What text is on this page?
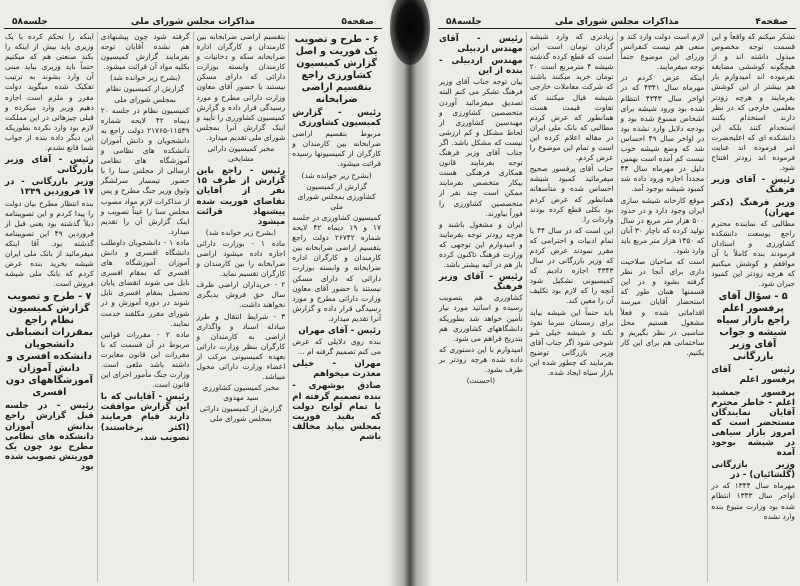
صفحه۵
مذاکرات مجلس شورای ملی
جلسه۵۸

۶ - طرح و تصویب یک فوریت و اصل گزارش کمیسیون کشاورزی راجع بتقسیم اراضی ضرابخانه

رئیس - گزارش کمیسیون کشاورزی

مربوط بتقسیم اراضی ضرابخانه بین کارمندان و کارگران از کمیسیونها رسیده قرائت میشود.

(بشرح زیر خوانده شد)

گزارش از کمیسیون کشاورزی بمجلس شورای ملی

کمیسیون کشاورزی در جلسه ۱۷ و ۱۹ دیماه ۴۲ لایحه شماره ۲۶۷۴۲ دولت راجع بتقسیم اراضی ضرابخانه بین کارمندان و کارگران اداره ضرابخانه و وابسته بوزارت دارائی که دارای مسکن نیستند با حضور آقای معاون وزارت دارائی مطرح و مورد رسیدگی قرار داده و گزارش آنرا تقدیم میدارد.

رئیس - آقای مهران

بنده روی دلایلی که عرض می کنم تصمیم گرفته ام ...

مهران - خیلی معذرت میخواهم

صادق بوشهری - بنده تصمیم گرفته ام با تمام لوایح دولت که بقید فوریت بمجلس بیاید مخالف باشم

بتقسیم اراضی ضرابخانه بین کارمندان و کارگران اداره ضرابخانه سکه و دخانیات و کارمندان وابسته بوزارت دارائی که دارای مسکن نیستند با حضور آقای معاون وزارت دارائی مطرح و مورد رسیدگی قرار داده و گزارش کمیسیون کشاورزی را تأیید و اینک گزارش آنرا بمجلس شورای ملی تقدیم میدارد.

مخبر کمیسیون دارائی مشایخی

رئیس - راجع باین گزارش از طرف ۱۵ نفر از آقایان تقاضای فوریت شده پیشنهاد قرائت میشود

(بشرح زیر خوانده شد)

ماده ۱ - بوزارت دارائی اجازه داده میشود اراضی ضرابخانه را بین کارمندان و کارگران تقسیم نماید.

۲ - خریداران اراضی ظرف سال حق فروش بدیگری نخواهند داشت.

۳ - شرایط انتقال و طرز مبادله اسناد و واگذاری اراضی به کارمندان و کارگران بنظر وزارت دارائی بعهده کمیسیونی مرکب از اعضاء وزارت دارائی محول میباشد.

مخبر کمیسیون کشاورزی سید مهدوی

گزارش از کمیسیون دارائی بمجلس شورای ملی

گرفته شود چون پیشنهادی هم نشده آقایان توجه بفرمایند گزارش کمیسیون بکلیه مواد آن قرائت میشود.

(بشرح زیر خوانده شد)

گزارش از کمیسیون نظام بمجلس شورای ملی

کمیسیون نظام در جلسه ۲۰ دیماه ۴۲ لایحه شماره ۱۱۵۳۹-۲۱۷۶۵ دولت راجع به دانشجویان و دانش آموزان دانشکده های نظامی و آموزشگاه های نظامی ارسالی از مجلس سنا را با حضور تیمسار سرلشگر وثوق وزیر جنگ مطرح و پس از مذاکرات لازم مواد مصوب مجلس سنا را عیناً تصویب و اینک گزارش آن را تقدیم میدارد.

ماده ۱ - دانشجویان داوطلب دانشگاه افسری و دانش آموزان آموزشگاه های افسری که بمقام افسری نایل می شوند انقضای پایان تحصیل بمقام افسری نایل شوند در دوره آموزش و در شورای مقرر مکلفند خدمت نمایند.

ماده ۲ - مقررات قوانین مربوط در آن قسمت که با مقررات این قانون مغایرت داشته باشد ملغی است. وزارت جنگ مأمور اجرای این قانون است.

رئیس - آقایانی که با این گزارش موافقت دارند قیام فرمایند (اکثر برخاستند) تصویب شد.

اینکه را تحکم کرده با یک وزیری باید بیش از اینکه را بکند صنعتی هم که میکنیم حتماً باید وزیری بیاید مبنی آن وارد بشوند به ترتیب تفکیک شده میگوید دولت مقرر و ملزم است اجازه دهیم وزیر وارد میکرده و قبلی چیزهائی در این مملکت لازم بود وارد نکرده بطوریکه این دیگر داده بنده از جواب شما قانع نشدم.

رئیس - آقای وزیر بازرگانی

وزیر بازرگانی - در ۱۷ فروردین ۱۳۴۹

بنده انتظار مطرح بیان دولت را پیدا کردم و این تصویبنامه ذیلاً گذشته بود یعنی قبل از فروردین ۴۹ این تصویبنامه گذشته بود. آقا اینکه میفرمائید از بانک ملی ایران شیشه بخرید بنده عرض کردم که بانک ملی شیشه فروش است.

۷ - طرح و تصویب گزارش کمیسیون نظام راجع بمقررات انضباطی دانشجویان دانشکده افسری و دانش آموزان آموزشگاههای دون افسری

رئیس - در جلسه قبل گزارش راجع بدانش آموزان دانشکده های نظامی مطرح بود چون یک فوریتش تصویب شده بود

صفحه۴
مذاکرات مجلس شورای ملی
جلسه۵۸

تشکر میکنم که واقعاً و این قسمت توجه مخصوص مبذول داشته اند و از هیچگونه کوششی مضایقه نفرموده اند امیدوارم باز هم بیشتر از این کوشش بفرمایند و هرچه زودتر معلمین خارجی که در نظر دارند استخدام بکنند استخدام کنند بلکه این دانشکده ای که اعلیحضرت امر فرموده اند عنایت فرموده اند زودتر افتتاح شود.

رئیس - آقای وزیر فرهنگ

وزیر فرهنگ (دکتر مهران)

مطالبی که نماینده محترم راجع بوسعت دانشکده کشاورزی و استادان فرمودند بنده کاملاً با آن موافقم و کوشش میکنیم که هرچه زودتر این کمبود جبران شود.

۵ - سؤال آقای پرفسور اعلم راجع بازار سیاه شیشه و جواب آقای وزیر بازرگانی

رئیس - آقای پرفسور اعلم

پرفسور جمشید اعلم - خاطر محترم آقایان نمایندگان مستحضر است که امروز بازار سیاهی در شیشه بوجود آمده

وزیر بازرگانی (گلشائیان) - در

مهرماه سال ۱۳۴۴ که در اواخر سال ۱۳۴۳ انتظام شده بود وزارت متبوع بنده وارد نشده

لازم است دولت وارد کند و منعی هم نیست کنفرانس وزرای این موضوع حتماً توجه میفرمایند.

اینکه عرض کردم در مهرماه سال ۴۳۴۱ که در اواخر سال ۴۳۴۳ انتظام شده بود ورود شیشه برای اشخاص ممنوع شده بود و بودجه دلایل وارد نشده بود در اواخر سال ۴۹ احساس شد که وضع شیشه خوب نیست کم آمده است بهمین دلیل در مهرماه سال ۴۴ مجدداً اجازه ورود داده شد کمبود شیشه بوجود آمد.

موقع کارخانه شیشه سازی ایران وجود دارد و در حدود ۵۰۰ هزار متر مربع در سال تولید کرده که ناچار ۳۰ آبان که ۱۴۵۰ هزار متر مربع باید وارد شود.

است که صاحبان صلاحیت داری برای آنجا در نظر گرفته بشود و در این قسمتها همان طور که استحضار آقایان میرسد اقداماتی شده و فعلاً مشغول هستیم محل مناسبی در نظر بگیریم و ساختمانی هم برای این کار بکنیم.

زیادتری که وارد شیشه گردان تومان است این است که قطع کرده گذشته شیشه ۴ مترمربع است ۲۰ تومان خرید میکنند باشند که شرکت معاملات خارجی شیشه قبال میکنند که تفاوت قیمت هست همانطور که عرض کردم مطالبی که بانک ملی ایران در مقاله اعلام کرده این است و تمام این موضوع را عرض کردم.

جناب آقای پرفسور صحیح میفرمائید کمبود شیشه احساس شده و متأسفانه همانطور که عرض کردم بود بکلی قطع کرده بودند واردات را.

این است که در سال ۴۴ با تمام ادبیات و احترامی که مقرر نمودند عرض کردم که وزیر بازرگانی در سال ۴۳۴۳ اجازه دادیم که کمیسیونی تشکیل شود آنچه را که لازم بود تکلیف آن را معین کند.

باید حتماً این شیشه بیاید برای زمستان سرما نفوذ نکند و شیشه خیلی شو شوخی شود اگر جناب آقای وزیر بازرگانی توضیح بفرمایند که چطور شده این بازار سیاه ایجاد شده.

رئیس - آقای مهندس اردبیلی

مهندس اردبیلی - بنده از این

بیان توجه جناب آقای وزیر فرهنگ تشکر می کنم البته تصدیق میفرمائید آوردن متخصصین کشاورزی و مهندسین کشاورزی از لحاظ مشکل و کم ارزشی نیست که مشکل باشد. اگر جناب آقای وزیر فرهنگ توجه بفرمایند قانون همکاری فرهنگی هست بیکار متخصص بفرمایند ممکن است چند نفر از متخصصین کشاورزی را فوراً بیاورند.

ایران و مشغول باشند و هرچه زودتر توجه بفرمایند و امیدوارم این توجهی که وزارت فرهنگ تاکنون کرده باز هم در آتیه بیشتر باشد.

رئیس - آقای وزیر فرهنگ

کشاورزی هم بتصویب رسیده و اساتید مورد نیاز تأمین خواهد شد بطوریکه دانشگاههای کشاورزی هم بتدریج فراهم می شود.

امیدوارم با این دستوری که داده شده هرچه زودتر بر طرف بشود.

(احسنت)
